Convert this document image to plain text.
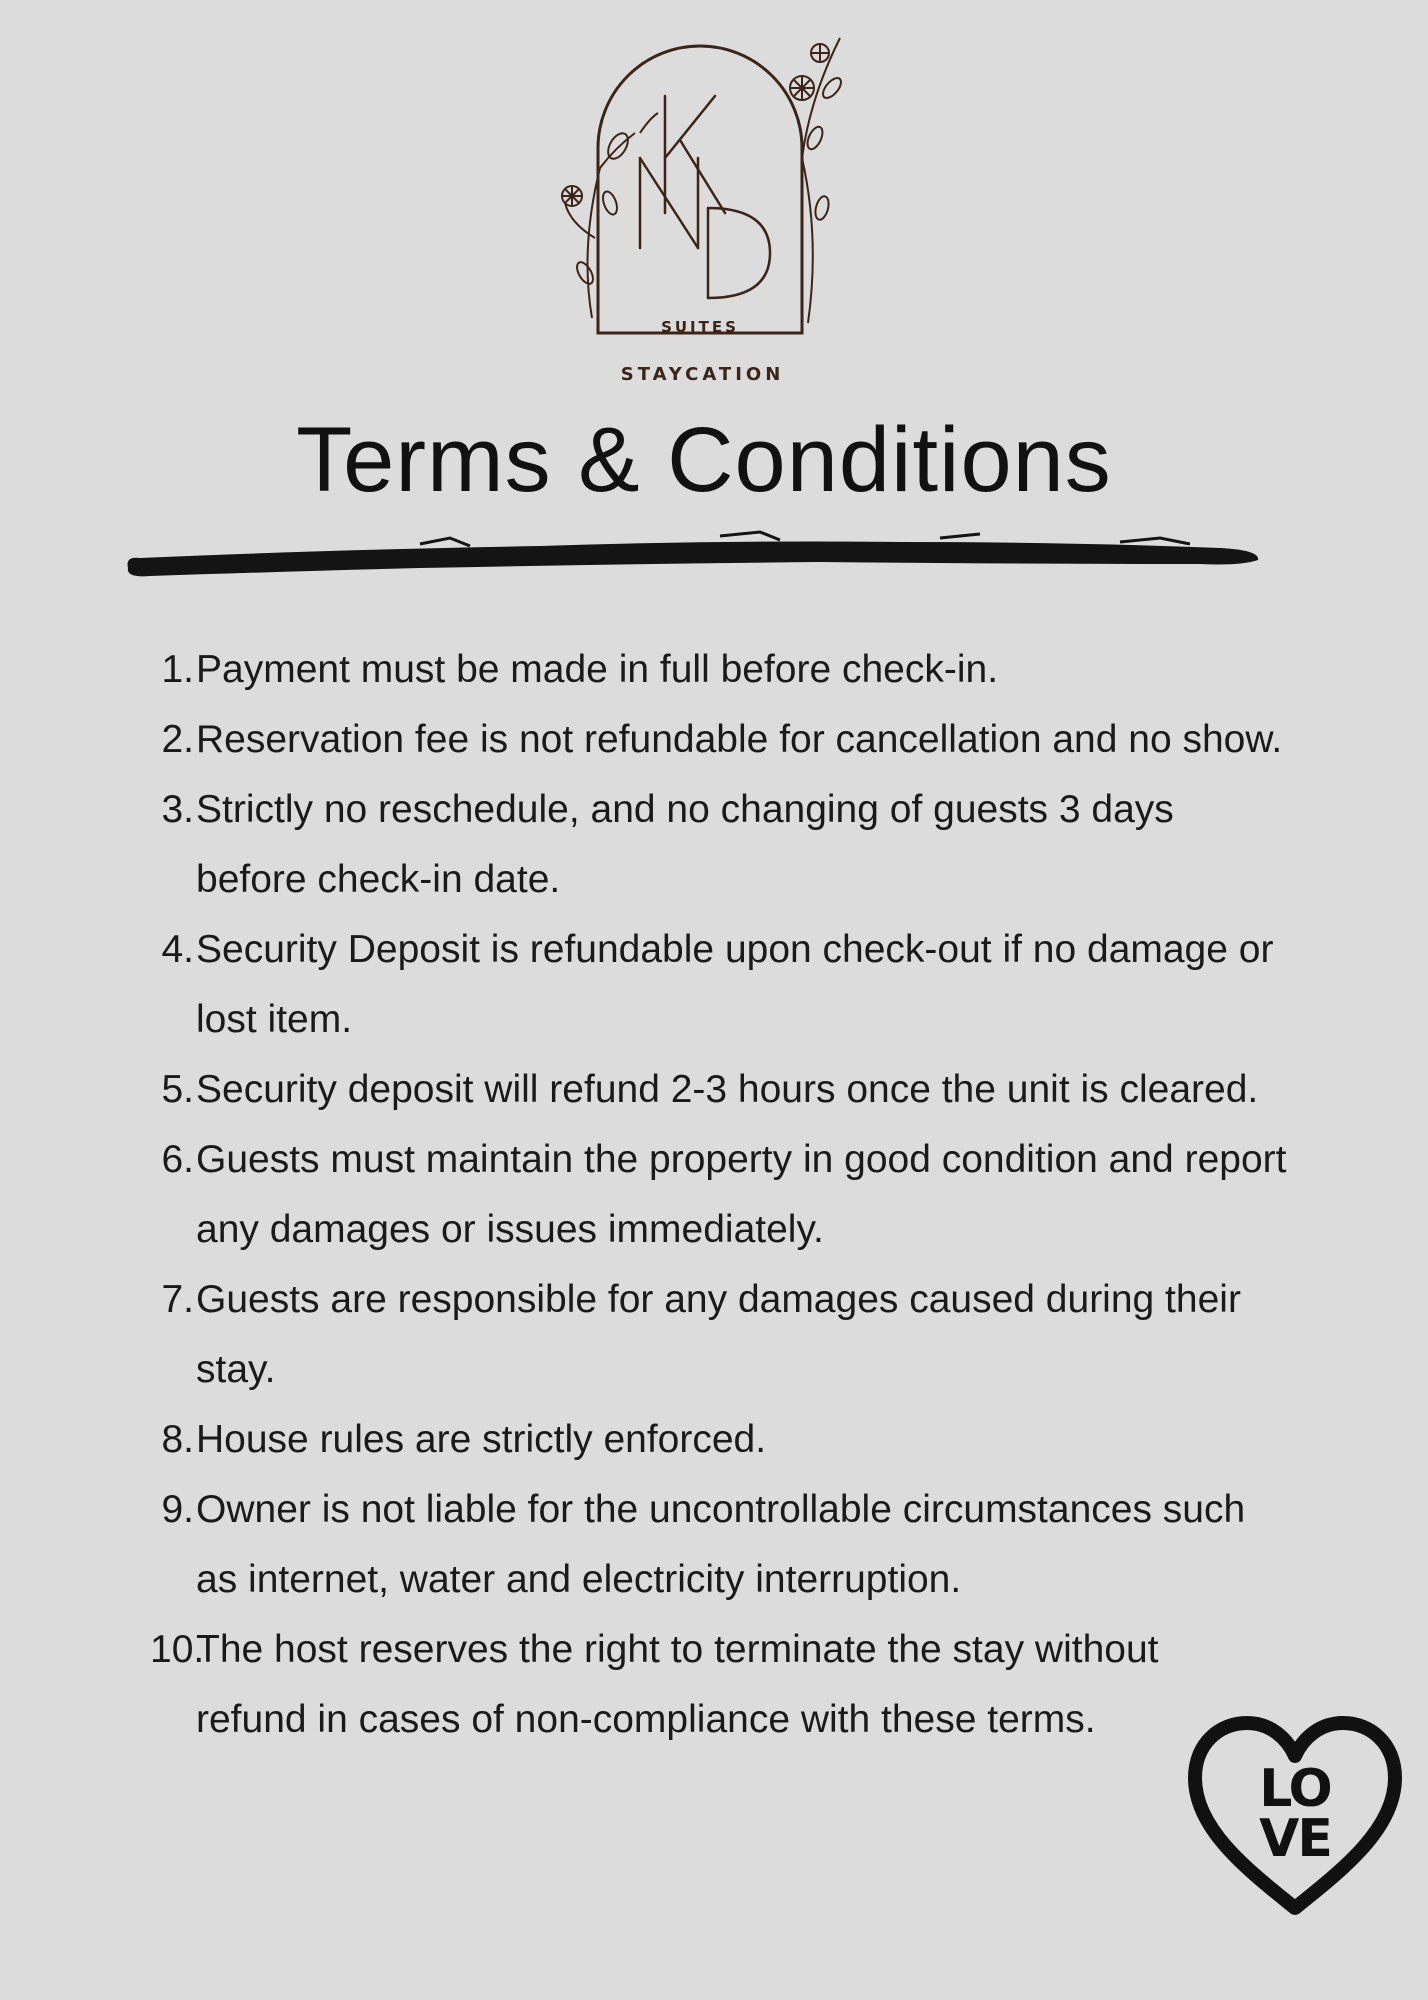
SUITES
STAYCATION
Terms & Conditions
1. Payment must be made in full before check-in.
2. Reservation fee is not refundable for cancellation and no show.
3. Strictly no reschedule, and no changing of guests 3 days before check-in date.
4. Security Deposit is refundable upon check-out if no damage or lost item.
5. Security deposit will refund 2-3 hours once the unit is cleared.
6. Guests must maintain the property in good condition and report any damages or issues immediately.
7. Guests are responsible for any damages caused during their stay.
8. House rules are strictly enforced.
9. Owner is not liable for the uncontrollable circumstances such as internet, water and electricity interruption.
10.
The host reserves the right to terminate the stay without refund in cases of non-compliance with these terms.
LO
VE
